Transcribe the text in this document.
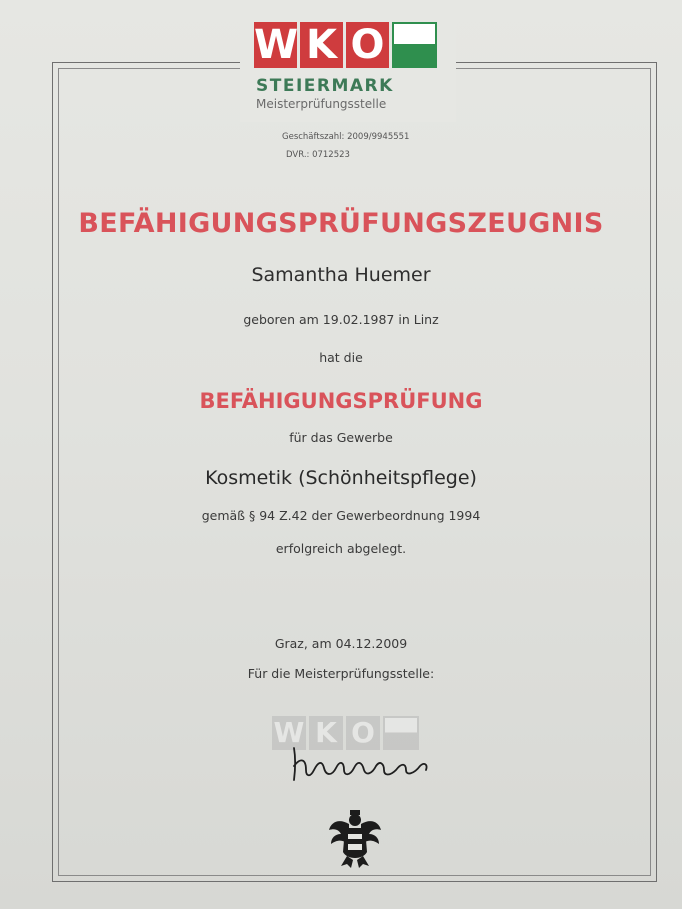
W K O
STEIERMARK
Meisterprüfungsstelle
Geschäftszahl: 2009/9945551
DVR.: 0712523
BEFÄHIGUNGSPRÜFUNGSZEUGNIS
Samantha Huemer
geboren am 19.02.1987 in Linz
hat die
BEFÄHIGUNGSPRÜFUNG
für das Gewerbe
Kosmetik (Schönheitspflege)
gemäß § 94 Z.42 der Gewerbeordnung 1994
erfolgreich abgelegt.
Graz, am 04.12.2009
Für die Meisterprüfungsstelle:
W K O
